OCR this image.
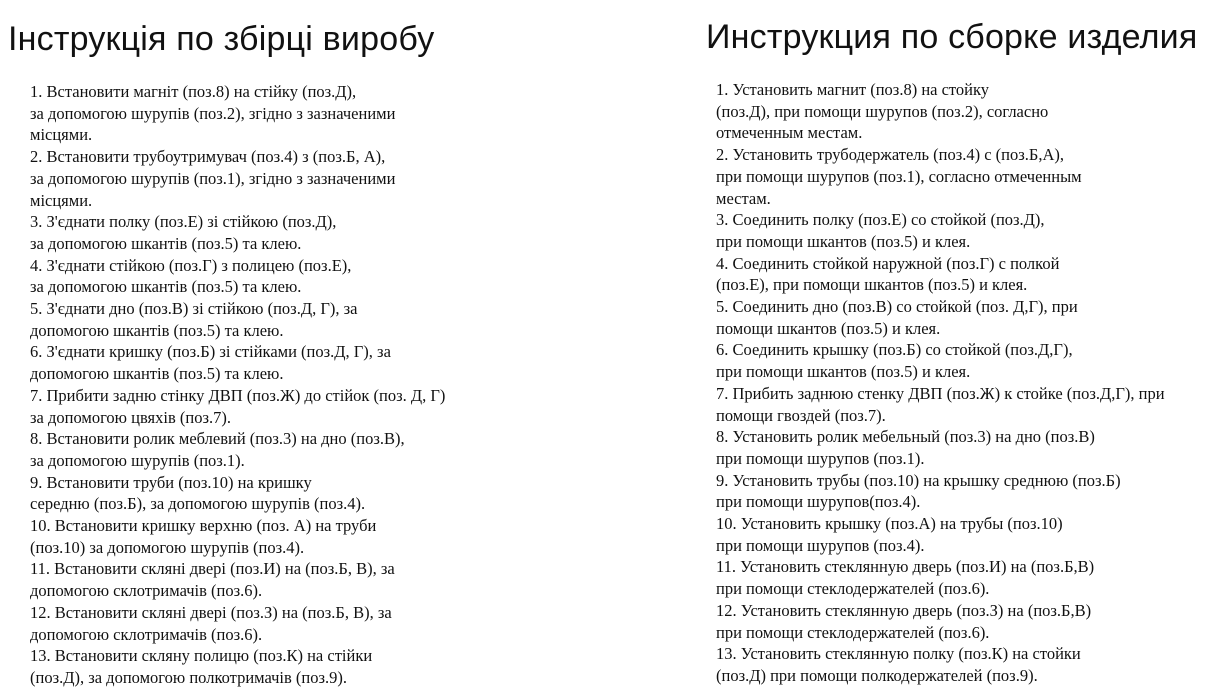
Інструкція по збірці виробу
1. Встановити магніт (поз.8) на стійку (поз.Д),
за допомогою шурупів (поз.2), згідно з зазначеними
місцями.
2. Встановити трубоутримувач (поз.4) з (поз.Б, А),
за допомогою шурупів (поз.1), згідно з зазначеними
місцями.
3. З'єднати полку (поз.Е) зі стійкою (поз.Д),
за допомогою шкантів (поз.5) та клею.
4. З'єднати стійкою (поз.Г) з полицею (поз.Е),
за допомогою шкантів (поз.5) та клею.
5. З'єднати дно (поз.В) зі стійкою (поз.Д, Г), за
допомогою шкантів (поз.5) та клею.
6. З'єднати кришку (поз.Б) зі стійками (поз.Д, Г), за
допомогою шкантів (поз.5) та клею.
7. Прибити задню стінку ДВП (поз.Ж) до стійок (поз. Д, Г)
за допомогою цвяхів (поз.7).
8. Встановити ролик меблевий (поз.3) на дно (поз.В),
за допомогою шурупів (поз.1).
9. Встановити труби (поз.10) на кришку
середню (поз.Б), за допомогою шурупів (поз.4).
10. Встановити кришку верхню (поз. А) на труби
(поз.10) за допомогою шурупів (поз.4).
11. Встановити скляні двері (поз.И) на (поз.Б, В), за
допомогою склотримачів (поз.6).
12. Встановити скляні двері (поз.З) на (поз.Б, В), за
допомогою склотримачів (поз.6).
13. Встановити скляну полицю (поз.К) на стійки
(поз.Д), за допомогою полкотримачів (поз.9).
Инструкция по сборке изделия
1. Установить магнит (поз.8) на стойку
(поз.Д), при помощи шурупов (поз.2), согласно
отмеченным местам.
2. Установить трубодержатель (поз.4) с (поз.Б,А),
при помощи шурупов (поз.1), согласно отмеченным
местам.
3. Соединить полку (поз.Е) со стойкой (поз.Д),
при помощи шкантов (поз.5) и клея.
4. Соединить стойкой наружной (поз.Г) с полкой
(поз.Е), при помощи шкантов (поз.5) и клея.
5. Соединить дно (поз.В) со стойкой (поз. Д,Г), при
помощи шкантов (поз.5) и клея.
6. Соединить крышку (поз.Б) со стойкой (поз.Д,Г),
при помощи шкантов (поз.5) и клея.
7. Прибить заднюю стенку ДВП (поз.Ж) к стойке (поз.Д,Г), при
помощи гвоздей (поз.7).
8. Установить ролик мебельный (поз.3) на дно (поз.В)
при помощи шурупов (поз.1).
9. Установить трубы (поз.10) на крышку среднюю (поз.Б)
при помощи шурупов(поз.4).
10. Установить крышку (поз.А) на трубы (поз.10)
при помощи шурупов (поз.4).
11. Установить стеклянную дверь (поз.И) на (поз.Б,В)
при помощи стеклодержателей (поз.6).
12. Установить стеклянную дверь (поз.З) на (поз.Б,В)
при помощи стеклодержателей (поз.6).
13. Установить стеклянную полку (поз.К) на стойки
(поз.Д) при помощи полкодержателей (поз.9).
